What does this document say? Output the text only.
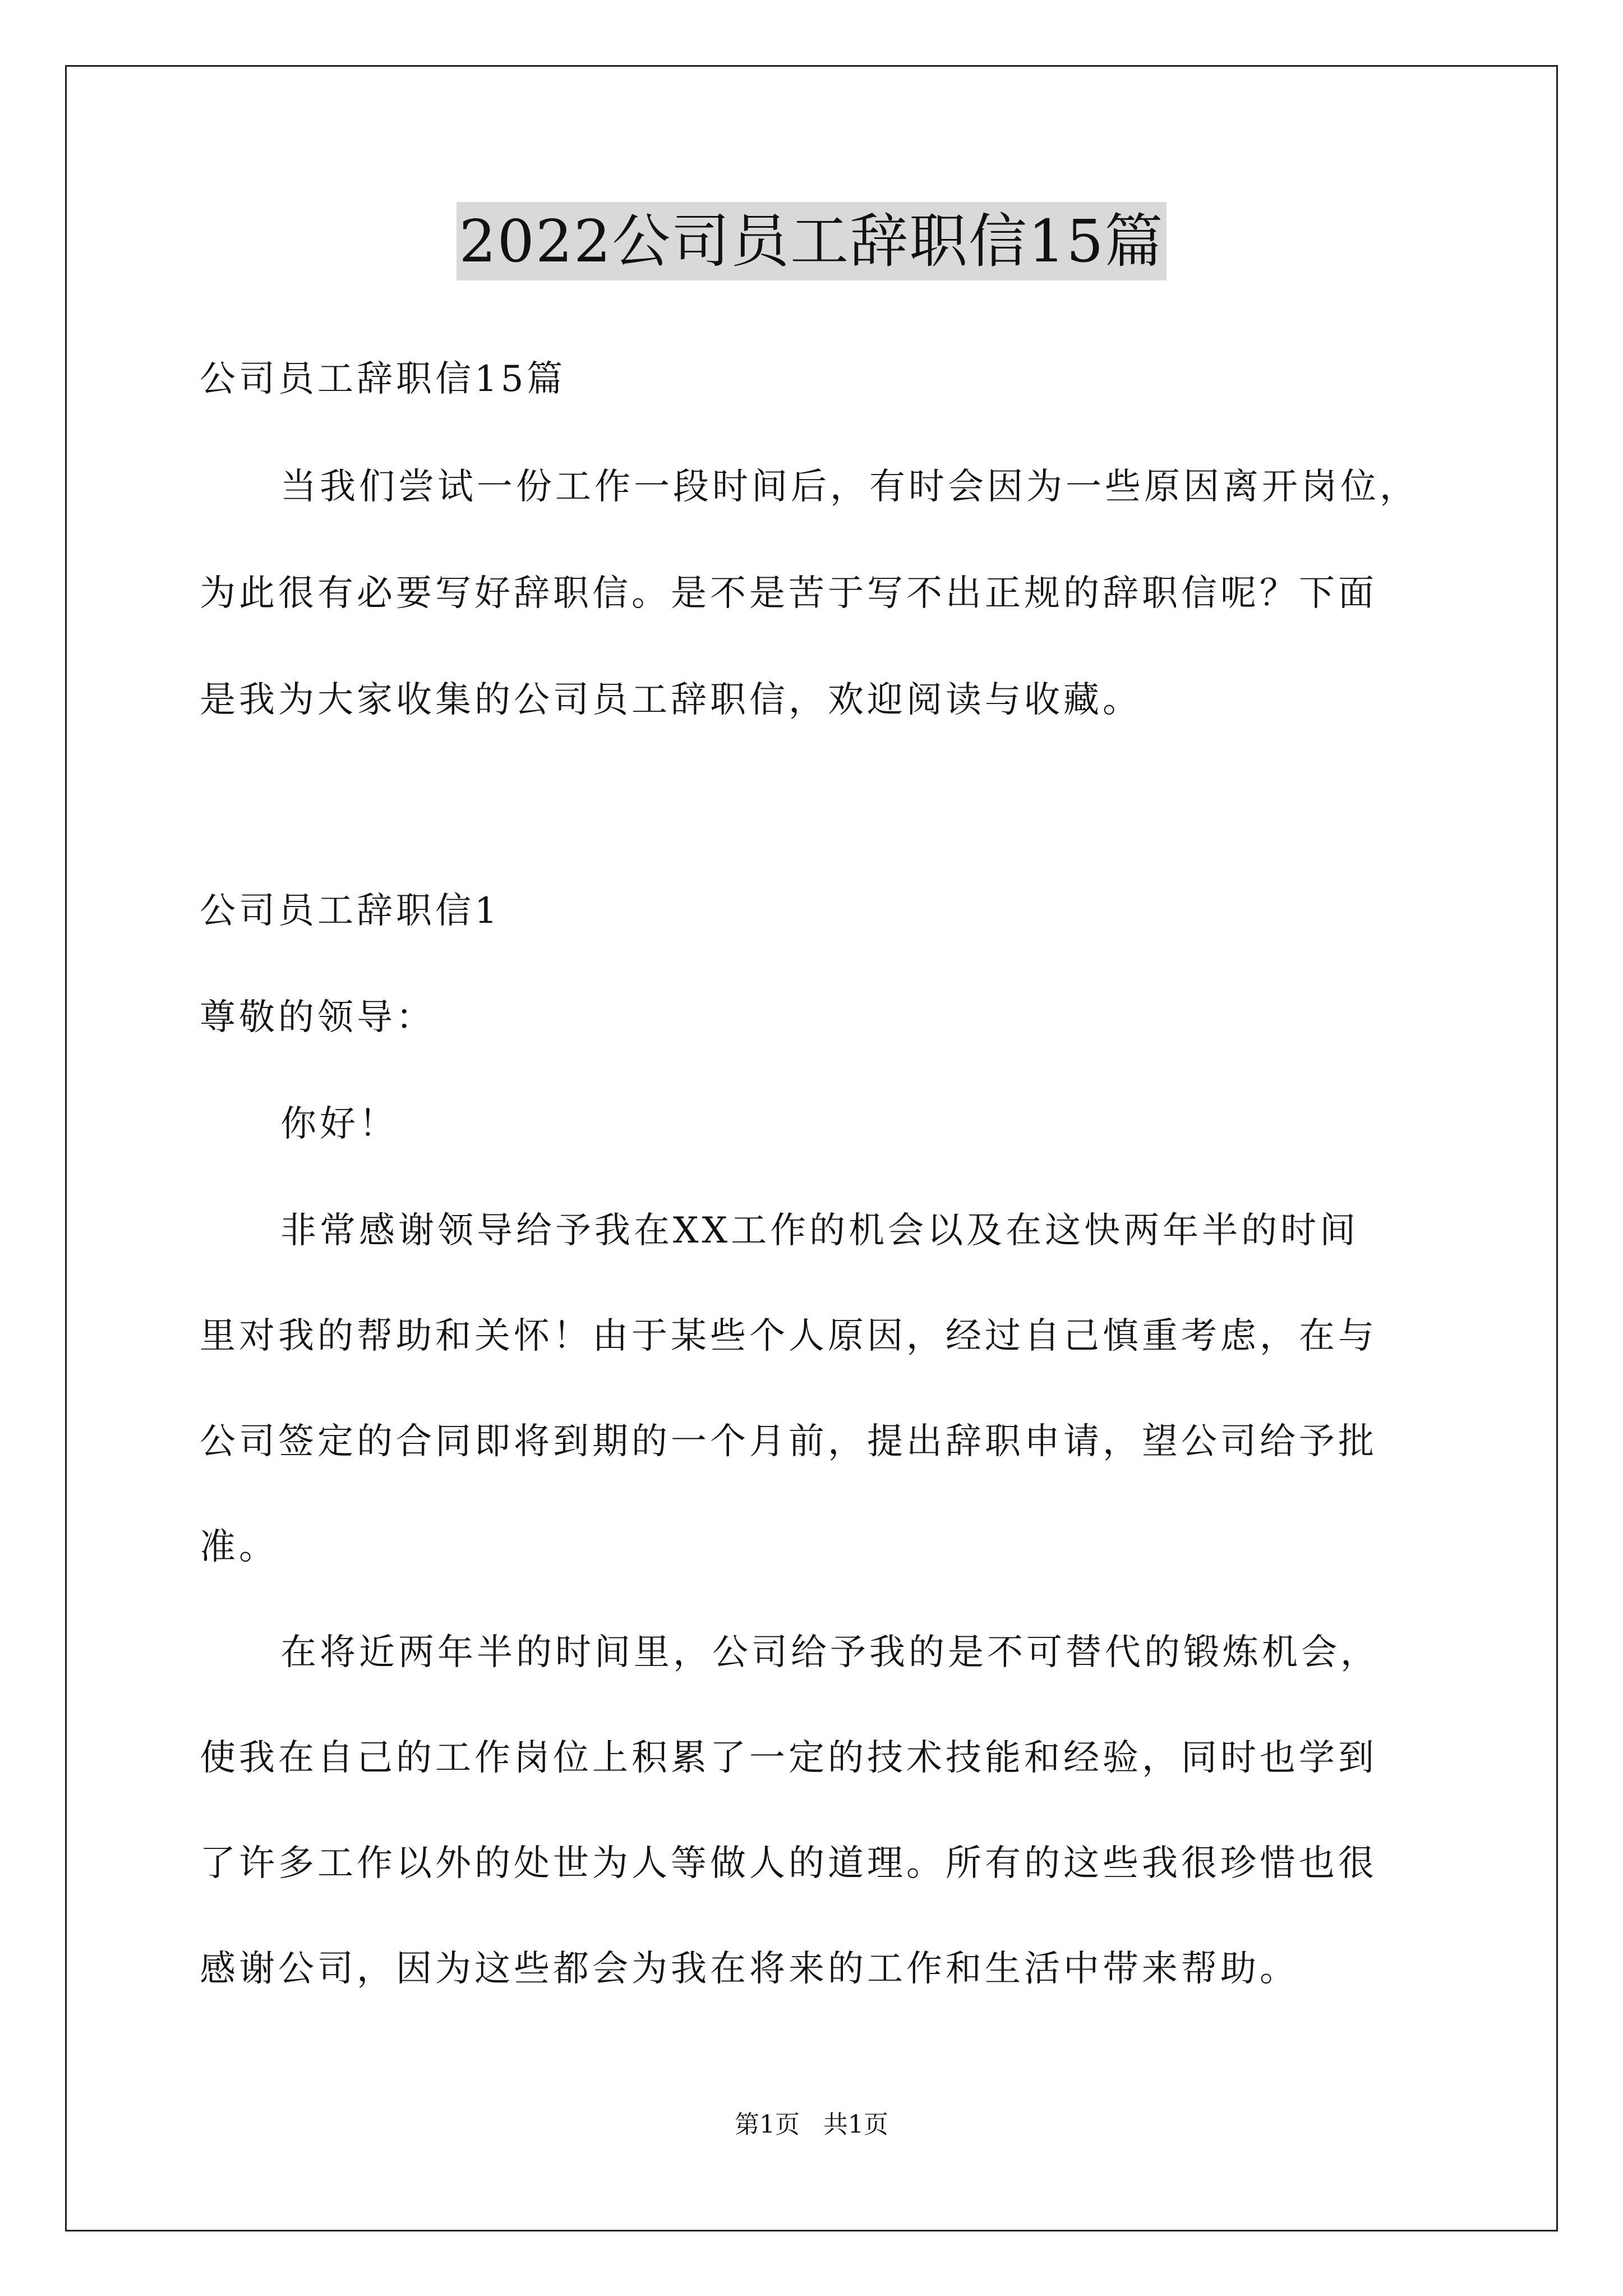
2022公司员工辞职信15篇
公司员工辞职信15篇
当我们尝试一份工作一段时间后，有时会因为一些原因离开岗位，
为此很有必要写好辞职信。是不是苦于写不出正规的辞职信呢？下面
是我为大家收集的公司员工辞职信，欢迎阅读与收藏。
公司员工辞职信1
尊敬的领导：
你好！
非常感谢领导给予我在XX工作的机会以及在这快两年半的时间
里对我的帮助和关怀！由于某些个人原因，经过自己慎重考虑，在与
公司签定的合同即将到期的一个月前，提出辞职申请，望公司给予批
准。
在将近两年半的时间里，公司给予我的是不可替代的锻炼机会，
使我在自己的工作岗位上积累了一定的技术技能和经验，同时也学到
了许多工作以外的处世为人等做人的道理。所有的这些我很珍惜也很
感谢公司，因为这些都会为我在将来的工作和生活中带来帮助。
第1页   共1页
